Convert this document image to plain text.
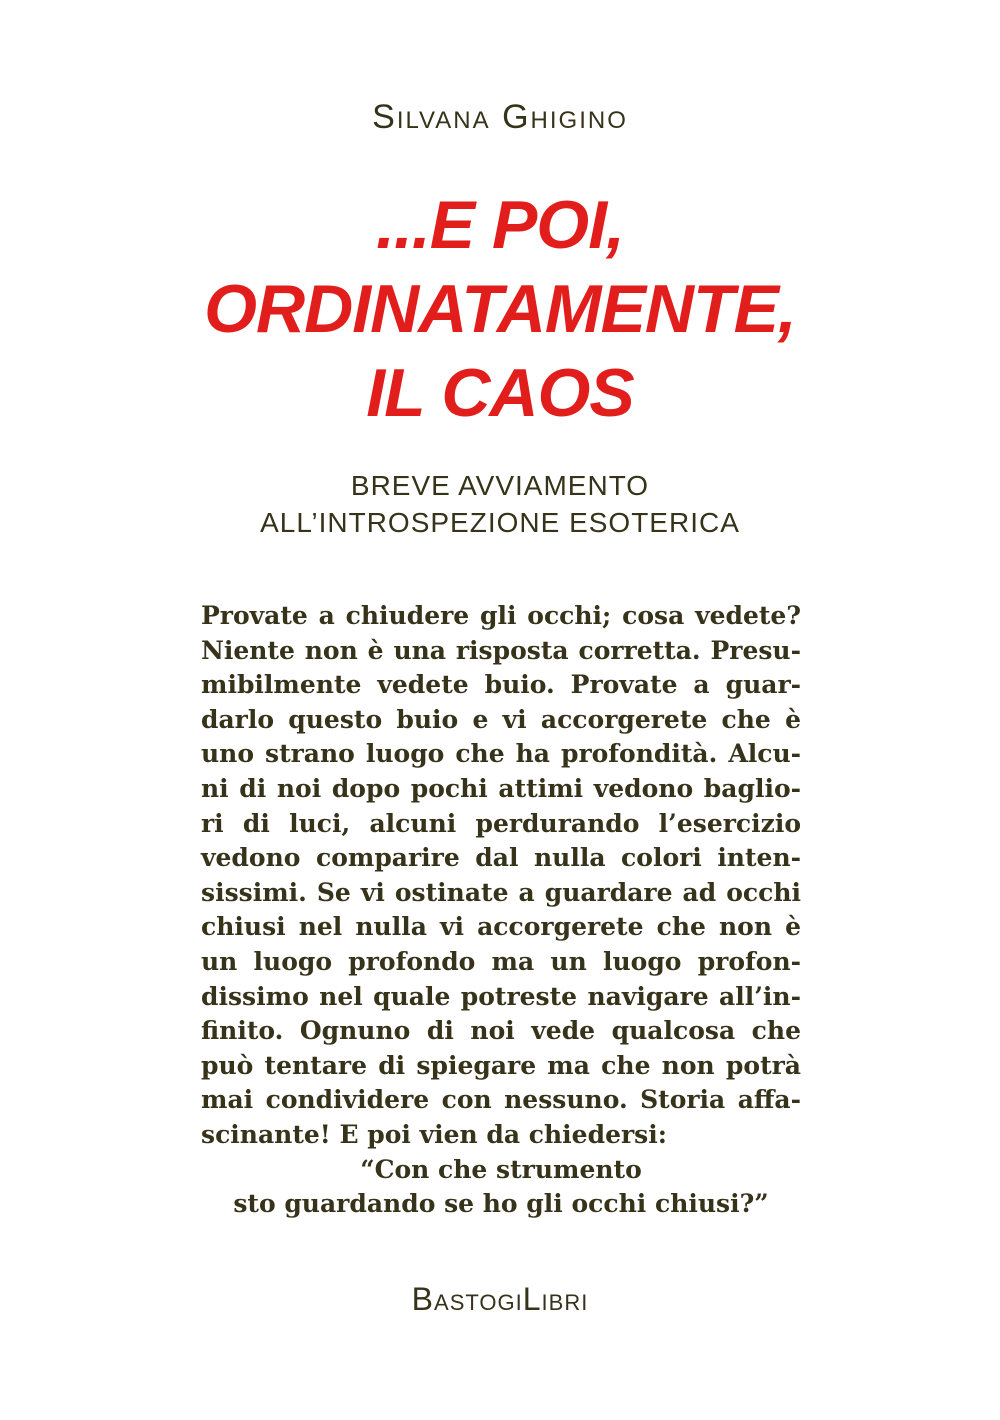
Silvana Ghigino
...E POI,
ORDINATAMENTE,
IL CAOS
BREVE AVVIAMENTO
ALL’INTROSPEZIONE ESOTERICA
Provate a chiudere gli occhi; cosa vedete?
Niente non è una risposta corretta. Presu-
mibilmente vedete buio. Provate a guar-
darlo questo buio e vi accorgerete che è
uno strano luogo che ha profondità. Alcu-
ni di noi dopo pochi attimi vedono baglio-
ri di luci, alcuni perdurando l’esercizio
vedono comparire dal nulla colori inten-
sissimi. Se vi ostinate a guardare ad occhi
chiusi nel nulla vi accorgerete che non è
un luogo profondo ma un luogo profon-
dissimo nel quale potreste navigare all’in-
finito. Ognuno di noi vede qualcosa che
può tentare di spiegare ma che non potrà
mai condividere con nessuno. Storia affa-
scinante! E poi vien da chiedersi:
“Con che strumento
sto guardando se ho gli occhi chiusi?”
BastogiLibri
